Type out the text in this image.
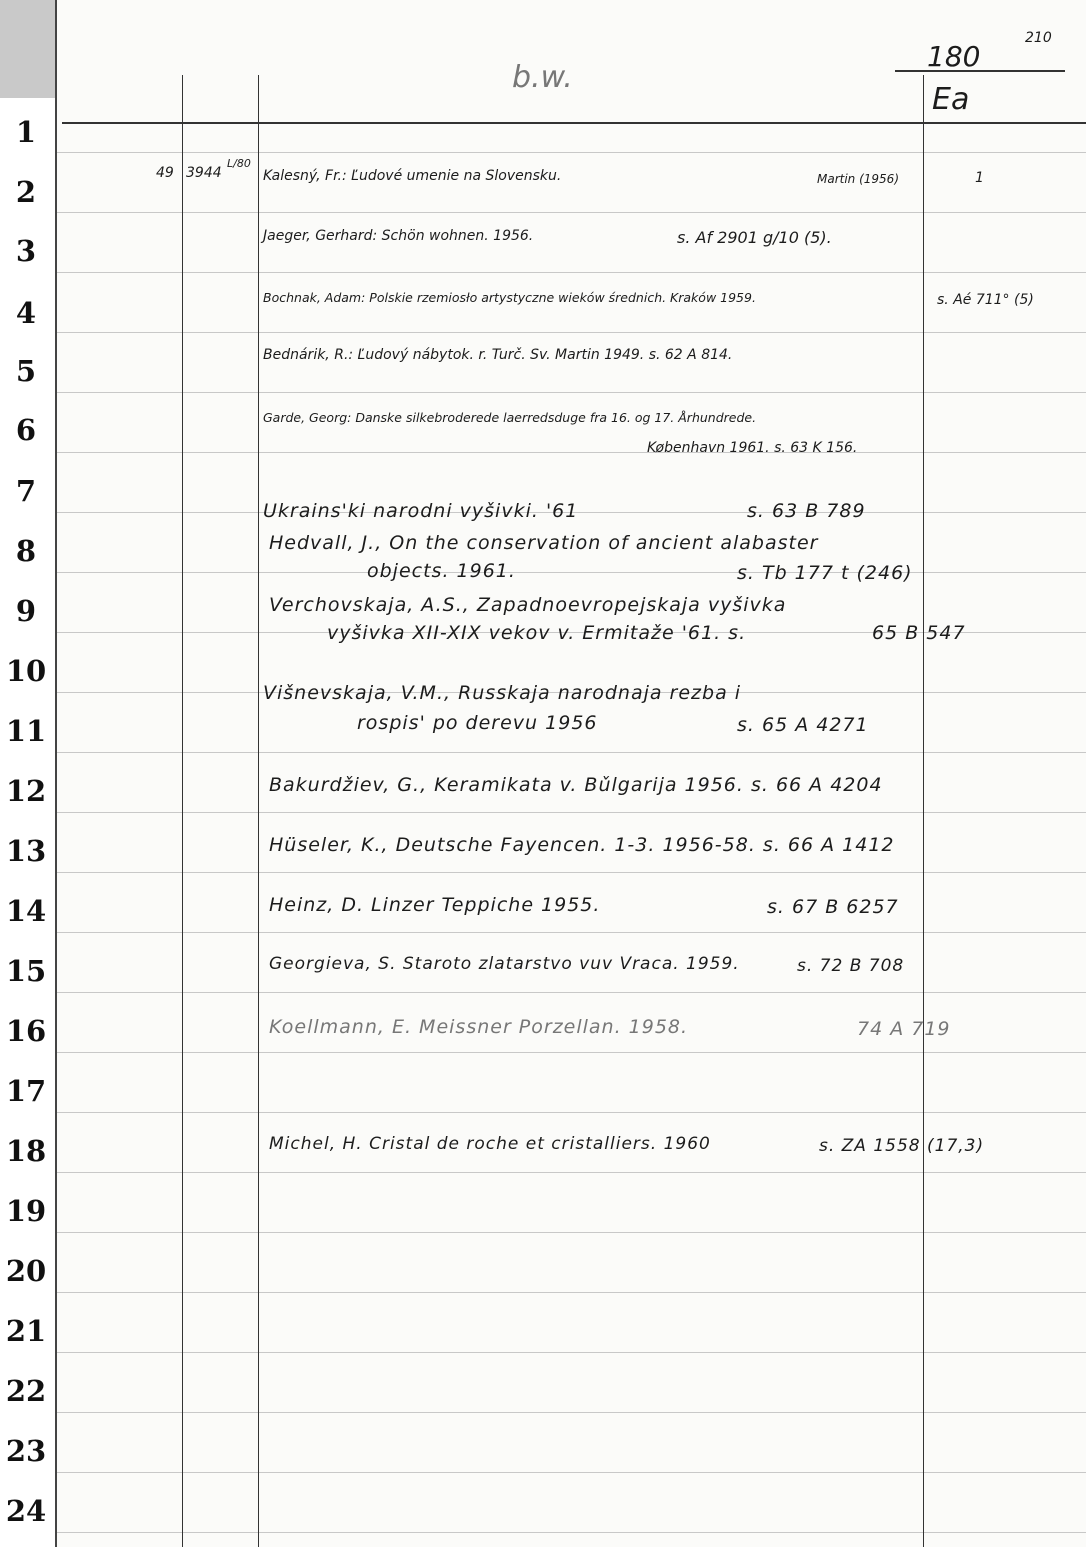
1
2
3
4
5
6
7
8
9
10
11
12
13
14
15
16
17
18
19
20
21
22
23
24
b.w.
210
180
Ea
49 3944
L/80
Kalesný, Fr.: Ľudové umenie na Slovensku.	Martin (1956)	1
Jaeger, Gerhard: Schön wohnen. 1956.	s. Af 2901 g/10 (5).
Bochnak, Adam: Polskie rzemiosło artystyczne wieków średnich. Kraków 1959.	s. Aé 711° (5)
Bednárik, R.: Ľudový nábytok. r. Turč. Sv. Martin 1949. s. 62 A 814.
Garde, Georg: Danske silkebroderede laerredsduge fra 16. og 17. Århundrede.
København 1961. s. 63 K 156.
Ukrains'ki narodni vyšivki. '61	s. 63 B 789
Hedvall, J., On the conservation of ancient alabaster
objects. 1961.	s. Tb 177 t (246)
Verchovskaja, A.S., Zapadnoevropejskaja vyšivka
vyšivka XII-XIX vekov v. Ermitaže '61. s.	65 B 547
Višnevskaja, V.M., Russkaja narodnaja rezba i
rospis' po derevu 1956	s. 65 A 4271
Bakurdžiev, G., Keramikata v. Bǔlgarija 1956. s. 66 A 4204
Hüseler, K., Deutsche Fayencen. 1-3. 1956-58. s. 66 A 1412
Heinz, D. Linzer Teppiche 1955.	s. 67 B 6257
Georgieva, S. Staroto zlatarstvo vuv Vraca. 1959.	s. 72 B 708
Koellmann, E. Meissner Porzellan. 1958.	74 A 719
Michel, H. Cristal de roche et cristalliers. 1960	s. ZA 1558 (17,3)
